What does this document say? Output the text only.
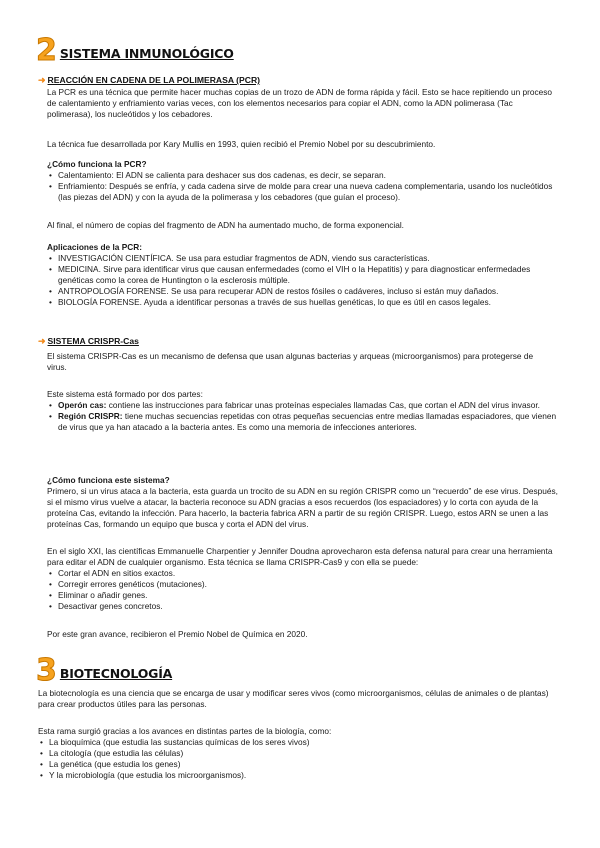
2 SISTEMA INMUNOLÓGICO
➜ REACCIÓN EN CADENA DE LA POLIMERASA (PCR)

La PCR es una técnica que permite hacer muchas copias de un trozo de ADN de forma rápida y fácil. Esto se hace repitiendo un proceso de calentamiento y enfriamiento varias veces, con los elementos necesarios para copiar el ADN, como la ADN polimerasa (Tac polimerasa), los nucleótidos y los cebadores.

La técnica fue desarrollada por Kary Mullis en 1993, quien recibió el Premio Nobel por su descubrimiento.

¿Cómo funciona la PCR?

• Calentamiento: El ADN se calienta para deshacer sus dos cadenas, es decir, se separan.
• Enfriamiento: Después se enfría, y cada cadena sirve de molde para crear una nueva cadena complementaria, usando los nucleótidos (las piezas del ADN) y con la ayuda de la polimerasa y los cebadores (que guían el proceso).

Al final, el número de copias del fragmento de ADN ha aumentado mucho, de forma exponencial.

Aplicaciones de la PCR:

• INVESTIGACIÓN CIENTÍFICA. Se usa para estudiar fragmentos de ADN, viendo sus características.
• MEDICINA. Sirve para identificar virus que causan enfermedades (como el VIH o la Hepatitis) y para diagnosticar enfermedades genéticas como la corea de Huntington o la esclerosis múltiple.
• ANTROPOLOGÍA FORENSE. Se usa para recuperar ADN de restos fósiles o cadáveres, incluso si están muy dañados.
• BIOLOGÍA FORENSE. Ayuda a identificar personas a través de sus huellas genéticas, lo que es útil en casos legales.
➜ SISTEMA CRISPR-Cas

El sistema CRISPR-Cas es un mecanismo de defensa que usan algunas bacterias y arqueas (microorganismos) para protegerse de virus.

Este sistema está formado por dos partes:

• Operón cas: contiene las instrucciones para fabricar unas proteínas especiales llamadas Cas, que cortan el ADN del virus invasor.
• Región CRISPR: tiene muchas secuencias repetidas con otras pequeñas secuencias entre medias llamadas espaciadores, que vienen de virus que ya han atacado a la bacteria antes. Es como una memoria de infecciones anteriores.

¿Cómo funciona este sistema?

Primero, si un virus ataca a la bacteria, esta guarda un trocito de su ADN en su región CRISPR como un “recuerdo” de ese virus. Después, si el mismo virus vuelve a atacar, la bacteria reconoce su ADN gracias a esos recuerdos (los espaciadores) y lo corta con ayuda de la proteína Cas, evitando la infección. Para hacerlo, la bacteria fabrica ARN a partir de su región CRISPR. Luego, estos ARN se unen a las proteínas Cas, formando un equipo que busca y corta el ADN del virus.

En el siglo XXI, las científicas Emmanuelle Charpentier y Jennifer Doudna aprovecharon esta defensa natural para crear una herramienta para editar el ADN de cualquier organismo. Esta técnica se llama CRISPR-Cas9 y con ella se puede:

• Cortar el ADN en sitios exactos.
• Corregir errores genéticos (mutaciones).
• Eliminar o añadir genes.
• Desactivar genes concretos.

Por este gran avance, recibieron el Premio Nobel de Química en 2020.

3 BIOTECNOLOGÍA

La biotecnología es una ciencia que se encarga de usar y modificar seres vivos (como microorganismos, células de animales o de plantas) para crear productos útiles para las personas.

Esta rama surgió gracias a los avances en distintas partes de la biología, como:

• La bioquímica (que estudia las sustancias químicas de los seres vivos)
• La citología (que estudia las células)
• La genética (que estudia los genes)
• Y la microbiología (que estudia los microorganismos).
